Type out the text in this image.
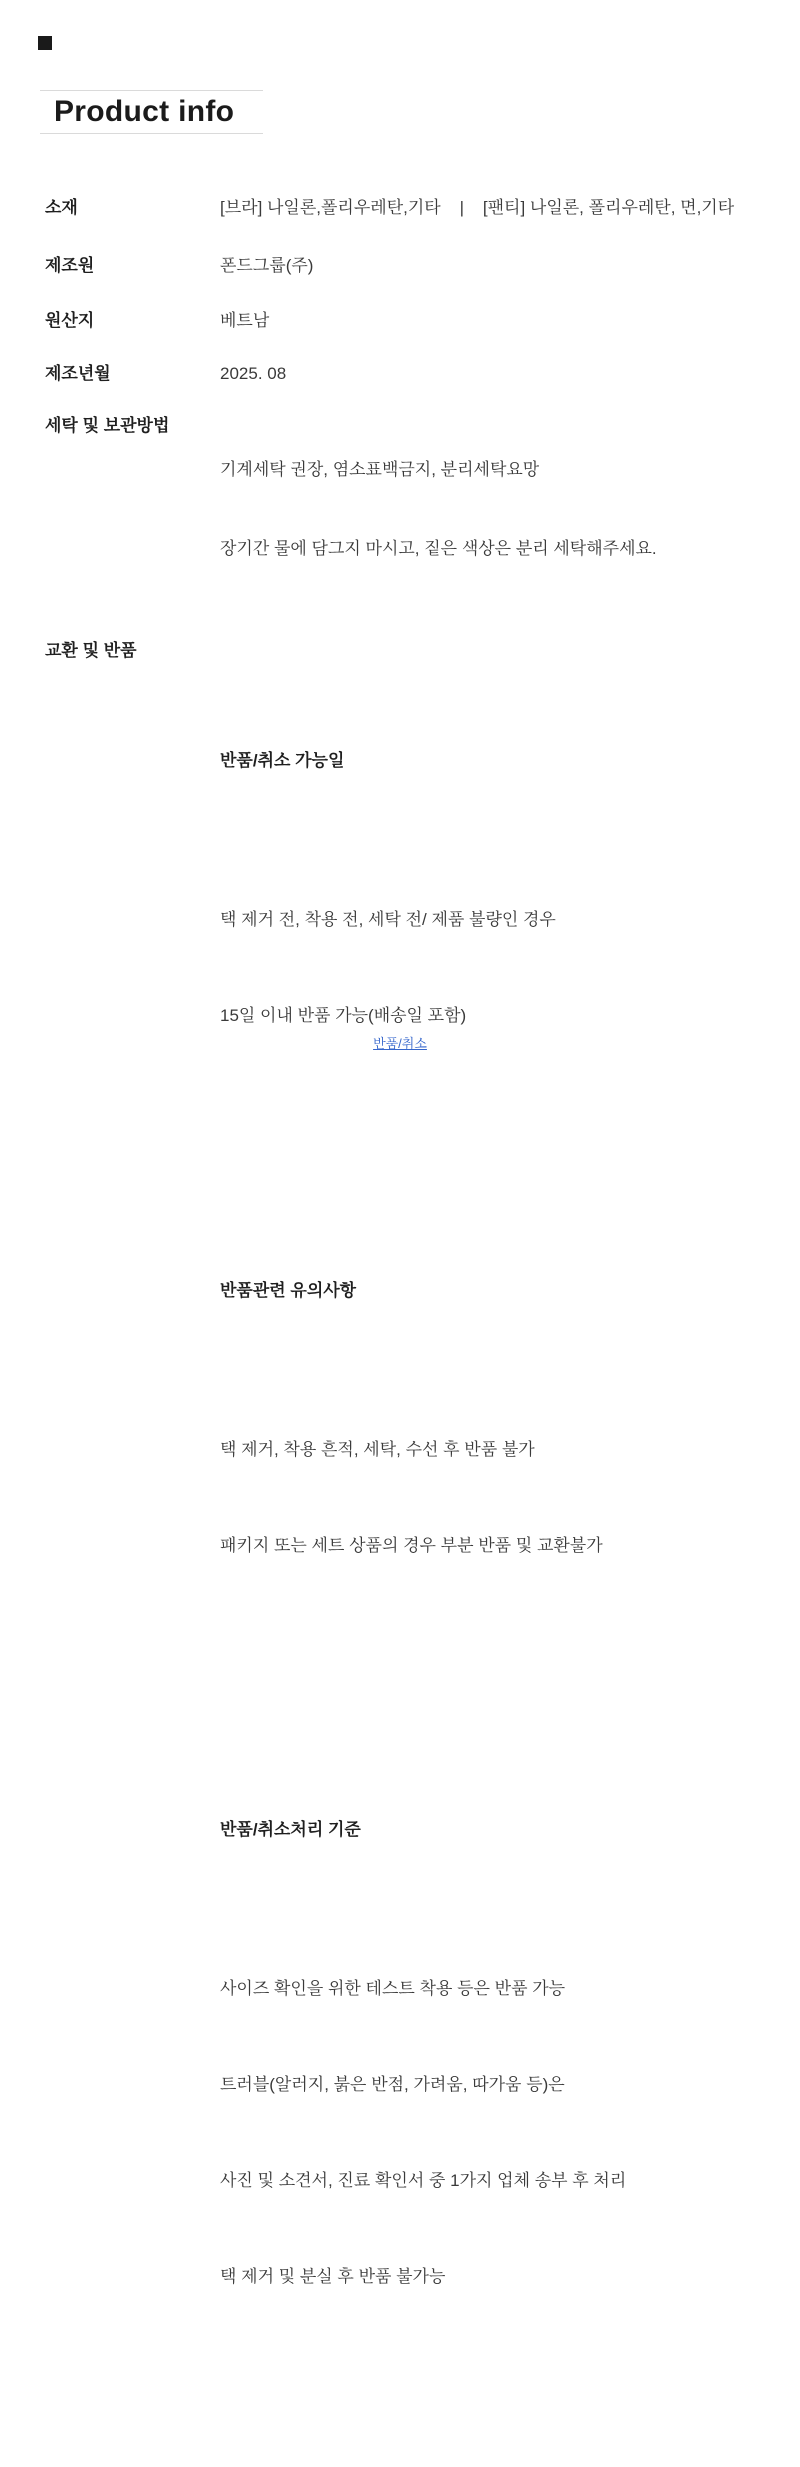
Product info
소재	[브라] 나일론,폴리우레탄,기타    |    [팬티] 나일론, 폴리우레탄, 면,기타
제조원	폰드그룹(주)
원산지	베트남
제조년월	2025. 08
세탁 및 보관방법

기계세탁 권장, 염소표백금지, 분리세탁요망

장기간 물에 담그지 마시고, 짙은 색상은 분리 세탁해주세요.

교환 및 반품

반품/취소 가능일

택 제거 전, 착용 전, 세탁 전/ 제품 불량인 경우

15일 이내 반품 가능(배송일 포함)

반품관련 유의사항

택 제거, 착용 흔적, 세탁, 수선 후 반품 불가

패키지 또는 세트 상품의 경우 부분 반품 및 교환불가

반품/취소처리 기준

사이즈 확인을 위한 테스트 착용 등은 반품 가능

트러블(알러지, 붉은 반점, 가려움, 따가움 등)은

사진 및 소견서, 진료 확인서 중 1가지 업체 송부 후 처리

택 제거 및 분실 후 반품 불가능

반품/취소
